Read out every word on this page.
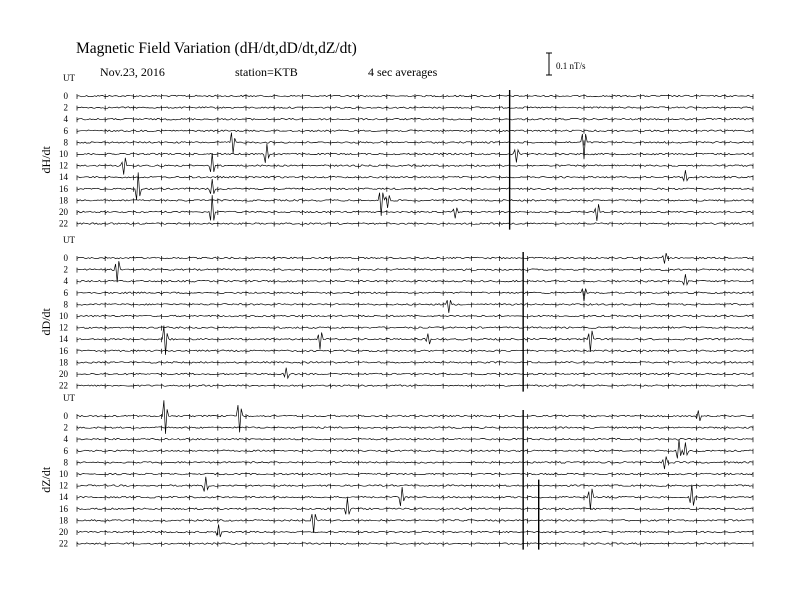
Magnetic Field Variation (dH/dt,dD/dt,dZ/dt)
Nov.23, 2016	station=KTB	4 sec averages	0.1 nT/s
UT
dH/dt
0
2
4
6
8
10
12
14
16
18
20
22
UT
dD/dt
0
2
4
6
8
10
12
14
16
18
20
22
UT
dZ/dt
0
2
4
6
8
10
12
14
16
18
20
22
